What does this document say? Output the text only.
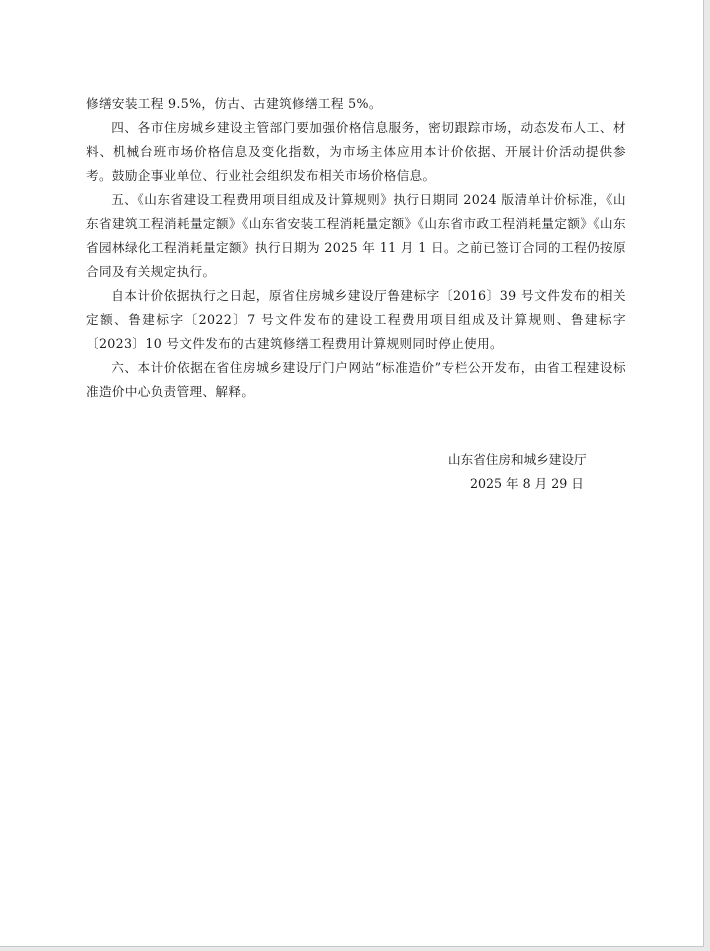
修缮安装工程 9.5%，仿古、古建筑修缮工程 5%。

四、各市住房城乡建设主管部门要加强价格信息服务，密切跟踪市场，动态发布人工、材料、机械台班市场价格信息及变化指数，为市场主体应用本计价依据、开展计价活动提供参考。鼓励企事业单位、行业社会组织发布相关市场价格信息。

五、《山东省建设工程费用项目组成及计算规则》执行日期同 2024 版清单计价标准，《山东省建筑工程消耗量定额》《山东省安装工程消耗量定额》《山东省市政工程消耗量定额》《山东省园林绿化工程消耗量定额》执行日期为 2025 年 11 月 1 日。之前已签订合同的工程仍按原合同及有关规定执行。

自本计价依据执行之日起，原省住房城乡建设厅鲁建标字〔2016〕39 号文件发布的相关定额、鲁建标字〔2022〕7 号文件发布的建设工程费用项目组成及计算规则、鲁建标字〔2023〕10 号文件发布的古建筑修缮工程费用计算规则同时停止使用。

六、本计价依据在省住房城乡建设厅门户网站“标准造价”专栏公开发布，由省工程建设标准造价中心负责管理、解释。

山东省住房和城乡建设厅
2025 年 8 月 29 日
